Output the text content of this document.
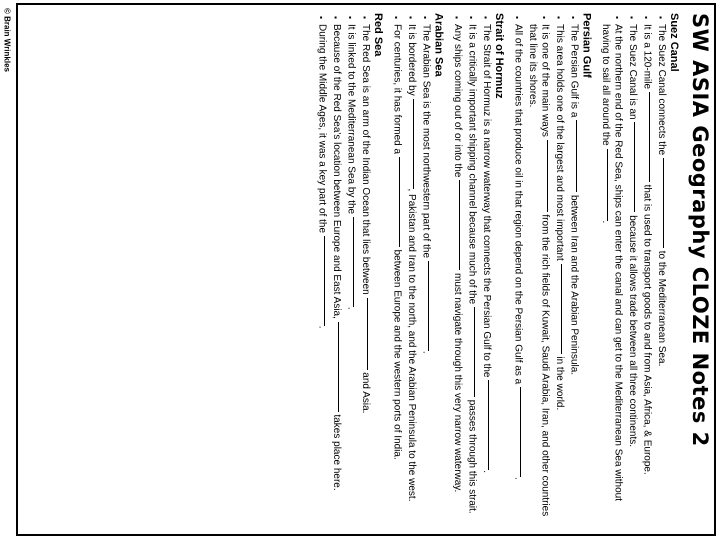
© Brain Wrinkles	SW ASIA Geography CLOZE Notes 2
Suez Canal
▪ The Suez Canal connects the  to the Mediterranean Sea.
▪ It is a 120-mile  that is used to transport goods to and from Asia, Africa, & Europe.
▪ The Suez Canal is an  because it allows trade between all three continents.
▪ At the northern end of the Red Sea, ships can enter the canal and can get to the Mediterranean Sea without having to sail all around the .
Persian Gulf
▪ The Persian Gulf is a  between Iran and the Arabian Peninsula.
▪ This area holds one of the largest and most important  in the world.
▪ It is one of the main ways  from the rich fields of Kuwait, Saudi Arabia, Iran, and other countries that line its shores.
▪ All of the countries that produce oil in that region depend on the Persian Gulf as a .
Strait of Hormuz
▪ The Strait of Hormuz is a narrow waterway that connects the Persian Gulf to the .
▪ It is a critically important shipping channel because much of the  passes through this strait.
▪ Any ships coming out of or into the  must navigate through this very narrow waterway.
Arabian Sea
▪ The Arabian Sea is the most northwestern part of the .
▪ It is bordered by , Pakistan and Iran to the north, and the Arabian Peninsula to the west.
▪ For centuries, it has formed a  between Europe and the western ports of India.
Red Sea
▪ The Red Sea is an arm of the Indian Ocean that lies between  and Asia.
▪ It is linked to the Mediterranean Sea by the .
▪ Because of the Red Sea's location between Europe and East Asia,  takes place here.
▪ During the Middle Ages, it was a key part of the .
